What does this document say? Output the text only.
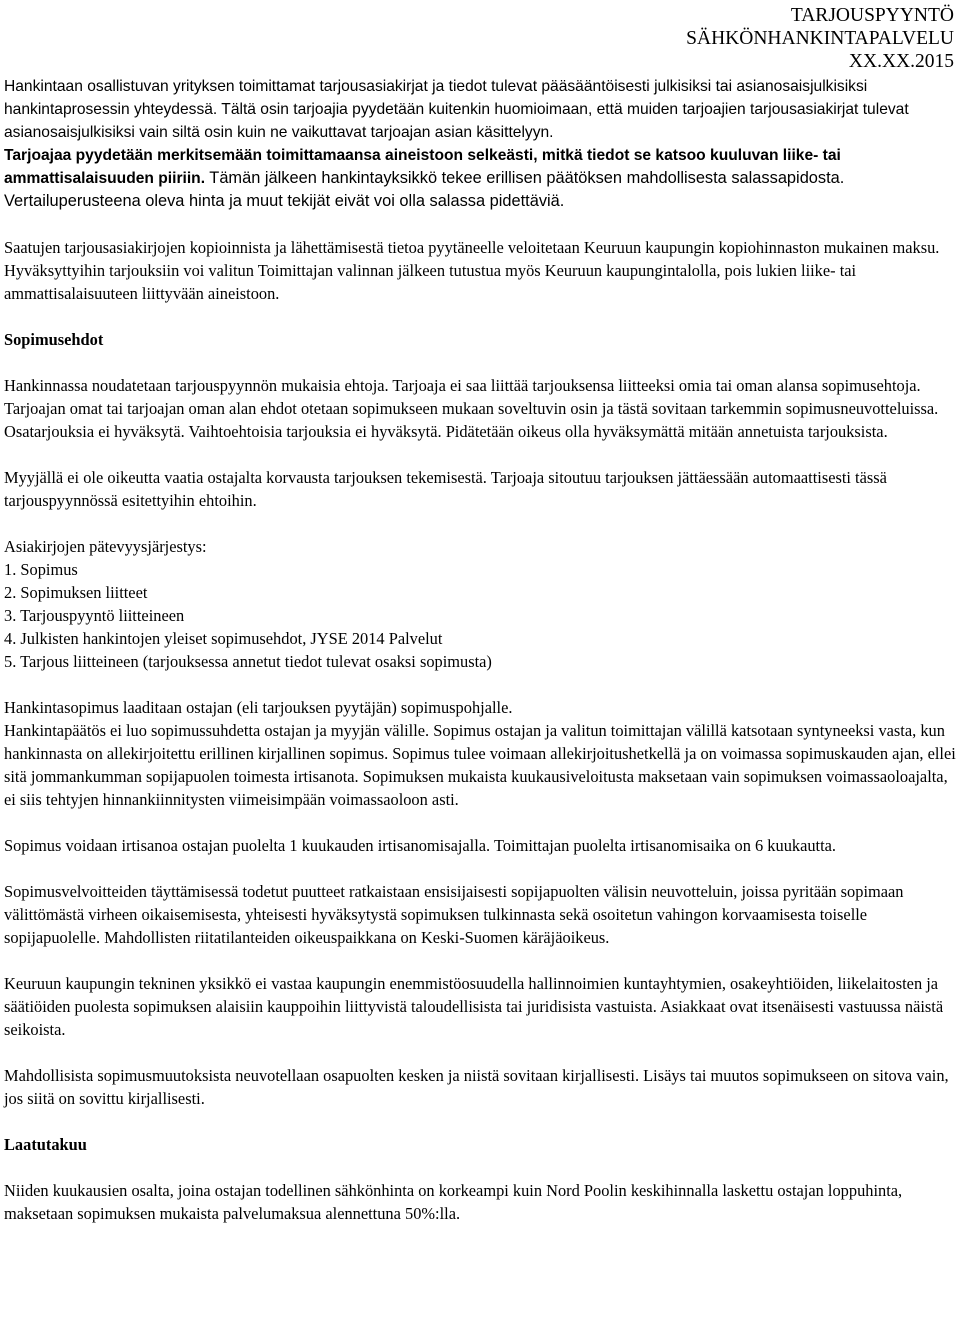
TARJOUSPYYNTÖ
SÄHKÖNHANKINTAPALVELU
XX.XX.2015

Hankintaan osallistuvan yrityksen toimittamat tarjousasiakirjat ja tiedot tulevat pääsääntöisesti julkisiksi tai asianosaisjulkisiksi hankintaprosessin yhteydessä. Tältä osin tarjoajia pyydetään kuitenkin huomioimaan, että muiden tarjoajien tarjousasiakirjat tulevat asianosaisjulkisiksi vain siltä osin kuin ne vaikuttavat tarjoajan asian käsittelyyn.

Tarjoajaa pyydetään merkitsemään toimittamaansa aineistoon selkeästi, mitkä tiedot se katsoo kuuluvan liike- tai ammattisalaisuuden piiriin. Tämän jälkeen hankintayksikkö tekee erillisen päätöksen mahdollisesta salassapidosta. Vertailuperusteena oleva hinta ja muut tekijät eivät voi olla salassa pidettäviä.

Saatujen tarjousasiakirjojen kopioinnista ja lähettämisestä tietoa pyytäneelle veloitetaan Keuruun kaupungin kopiohinnaston mukainen maksu. Hyväksyttyihin tarjouksiin voi valitun Toimittajan valinnan jälkeen tutustua myös Keuruun kaupungintalolla, pois lukien liike- tai ammattisalaisuuteen liittyvään aineistoon.

Sopimusehdot

Hankinnassa noudatetaan tarjouspyynnön mukaisia ehtoja. Tarjoaja ei saa liittää tarjouksensa liitteeksi omia tai oman alansa sopimusehtoja. Tarjoajan omat tai tarjoajan oman alan ehdot otetaan sopimukseen mukaan soveltuvin osin ja tästä sovitaan tarkemmin sopimusneuvotteluissa. Osatarjouksia ei hyväksytä. Vaihtoehtoisia tarjouksia ei hyväksytä. Pidätetään oikeus olla hyväksymättä mitään annetuista tarjouksista.

Myyjällä ei ole oikeutta vaatia ostajalta korvausta tarjouksen tekemisestä. Tarjoaja sitoutuu tarjouksen jättäessään automaattisesti tässä tarjouspyynnössä esitettyihin ehtoihin.

Asiakirjojen pätevyysjärjestys:

1. Sopimus
2. Sopimuksen liitteet
3. Tarjouspyyntö liitteineen
4. Julkisten hankintojen yleiset sopimusehdot, JYSE 2014 Palvelut
5. Tarjous liitteineen (tarjouksessa annetut tiedot tulevat osaksi sopimusta)

Hankintasopimus laaditaan ostajan (eli tarjouksen pyytäjän) sopimuspohjalle.

Hankintapäätös ei luo sopimussuhdetta ostajan ja myyjän välille. Sopimus ostajan ja valitun toimittajan välillä katsotaan syntyneeksi vasta, kun hankinnasta on allekirjoitettu erillinen kirjallinen sopimus. Sopimus tulee voimaan allekirjoitushetkellä ja on voimassa sopimuskauden ajan, ellei sitä jommankumman sopijapuolen toimesta irtisanota. Sopimuksen mukaista kuukausiveloitusta maksetaan vain sopimuksen voimassaoloajalta, ei siis tehtyjen hinnankiinnitysten viimeisimpään voimassaoloon asti.

Sopimus voidaan irtisanoa ostajan puolelta 1 kuukauden irtisanomisajalla. Toimittajan puolelta irtisanomisaika on 6 kuukautta.

Sopimusvelvoitteiden täyttämisessä todetut puutteet ratkaistaan ensisijaisesti sopijapuolten välisin neuvotteluin, joissa pyritään sopimaan välittömästä virheen oikaisemisesta, yhteisesti hyväksytystä sopimuksen tulkinnasta sekä osoitetun vahingon korvaamisesta toiselle sopijapuolelle. Mahdollisten riitatilanteiden oikeuspaikkana on Keski-Suomen käräjäoikeus.

Keuruun kaupungin tekninen yksikkö ei vastaa kaupungin enemmistöosuudella hallinnoimien kuntayhtymien, osakeyhtiöiden, liikelaitosten ja säätiöiden puolesta sopimuksen alaisiin kauppoihin liittyvistä taloudellisista tai juridisista vastuista. Asiakkaat ovat itsenäisesti vastuussa näistä seikoista.

Mahdollisista sopimusmuutoksista neuvotellaan osapuolten kesken ja niistä sovitaan kirjallisesti. Lisäys tai muutos sopimukseen on sitova vain, jos siitä on sovittu kirjallisesti.

Laatutakuu

Niiden kuukausien osalta, joina ostajan todellinen sähkönhinta on korkeampi kuin Nord Poolin keskihinnalla laskettu ostajan loppuhinta, maksetaan sopimuksen mukaista palvelumaksua alennettuna 50%:lla.
